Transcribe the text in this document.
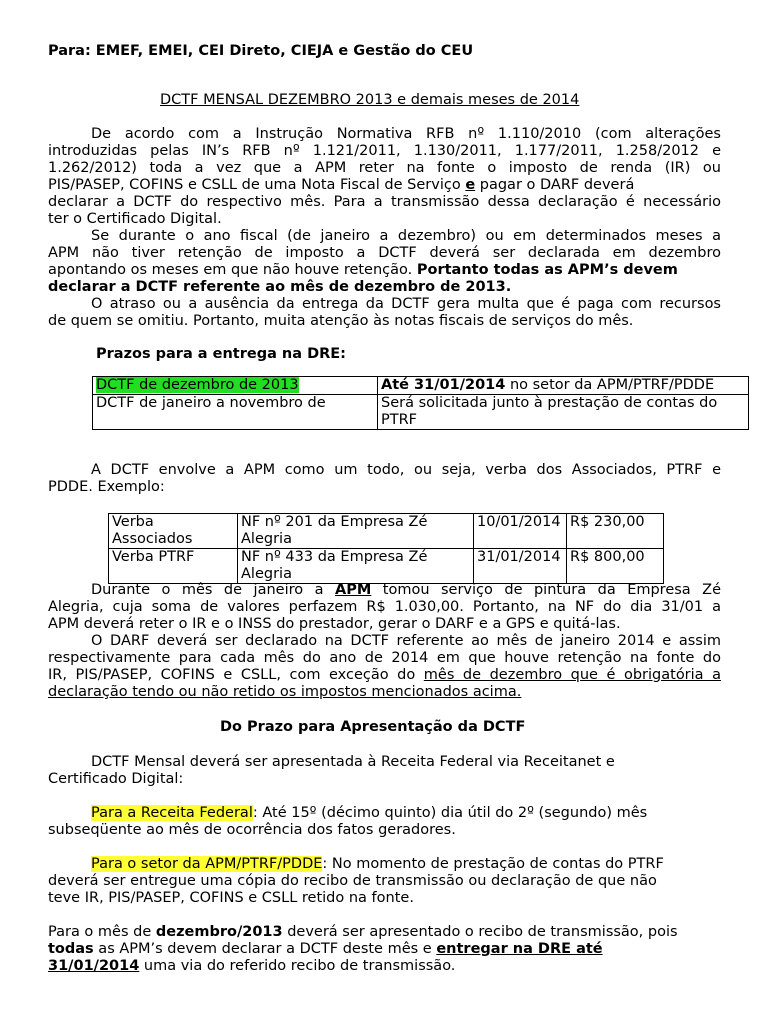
Para: EMEF, EMEI, CEI Direto, CIEJA e Gestão do CEU
DCTF MENSAL DEZEMBRO 2013 e demais meses de 2014
De acordo com a Instrução Normativa RFB nº 1.110/2010 (com alterações
introduzidas pelas IN’s RFB nº 1.121/2011, 1.130/2011, 1.177/2011, 1.258/2012 e
1.262/2012) toda a vez que a APM reter na fonte o imposto de renda (IR) ou
PIS/PASEP, COFINS e CSLL de uma Nota Fiscal de Serviço e pagar o DARF deverá
declarar a DCTF do respectivo mês. Para a transmissão dessa declaração é necessário
ter o Certificado Digital.
Se durante o ano fiscal (de janeiro a dezembro) ou em determinados meses a
APM não tiver retenção de imposto a DCTF deverá ser declarada em dezembro
apontando os meses em que não houve retenção. Portanto todas as APM’s devem
declarar a DCTF referente ao mês de dezembro de 2013.
O atraso ou a ausência da entrega da DCTF gera multa que é paga com recursos
de quem se omitiu. Portanto, muita atenção às notas fiscais de serviços do mês.
Prazos para a entrega na DRE:
DCTF de dezembro de 2013	Até 31/01/2014 no setor da APM/PTRF/PDDE
DCTF de janeiro a novembro de	Será solicitada junto à prestação de contas do
PTRF
A DCTF envolve a APM como um todo, ou seja, verba dos Associados, PTRF e
PDDE. Exemplo:
Verba
Associados	NF nº 201 da Empresa Zé
Alegria	10/01/2014	R$ 230,00
Verba PTRF	NF nº 433 da Empresa Zé
Alegria	31/01/2014	R$ 800,00
Durante o mês de janeiro a APM tomou serviço de pintura da Empresa Zé
Alegria, cuja soma de valores perfazem R$ 1.030,00. Portanto, na NF do dia 31/01 a
APM deverá reter o IR e o INSS do prestador, gerar o DARF e a GPS e quitá-las.
O DARF deverá ser declarado na DCTF referente ao mês de janeiro 2014 e assim
respectivamente para cada mês do ano de 2014 em que houve retenção na fonte do
IR, PIS/PASEP, COFINS e CSLL, com exceção do mês de dezembro que é obrigatória a
declaração tendo ou não retido os impostos mencionados acima.
Do Prazo para Apresentação da DCTF
DCTF Mensal deverá ser apresentada à Receita Federal via Receitanet e
Certificado Digital:
Para a Receita Federal: Até 15º (décimo quinto) dia útil do 2º (segundo) mês
subseqüente ao mês de ocorrência dos fatos geradores.
Para o setor da APM/PTRF/PDDE: No momento de prestação de contas do PTRF
deverá ser entregue uma cópia do recibo de transmissão ou declaração de que não
teve IR, PIS/PASEP, COFINS e CSLL retido na fonte.
Para o mês de dezembro/2013 deverá ser apresentado o recibo de transmissão, pois
todas as APM’s devem declarar a DCTF deste mês e entregar na DRE até
31/01/2014 uma via do referido recibo de transmissão.
